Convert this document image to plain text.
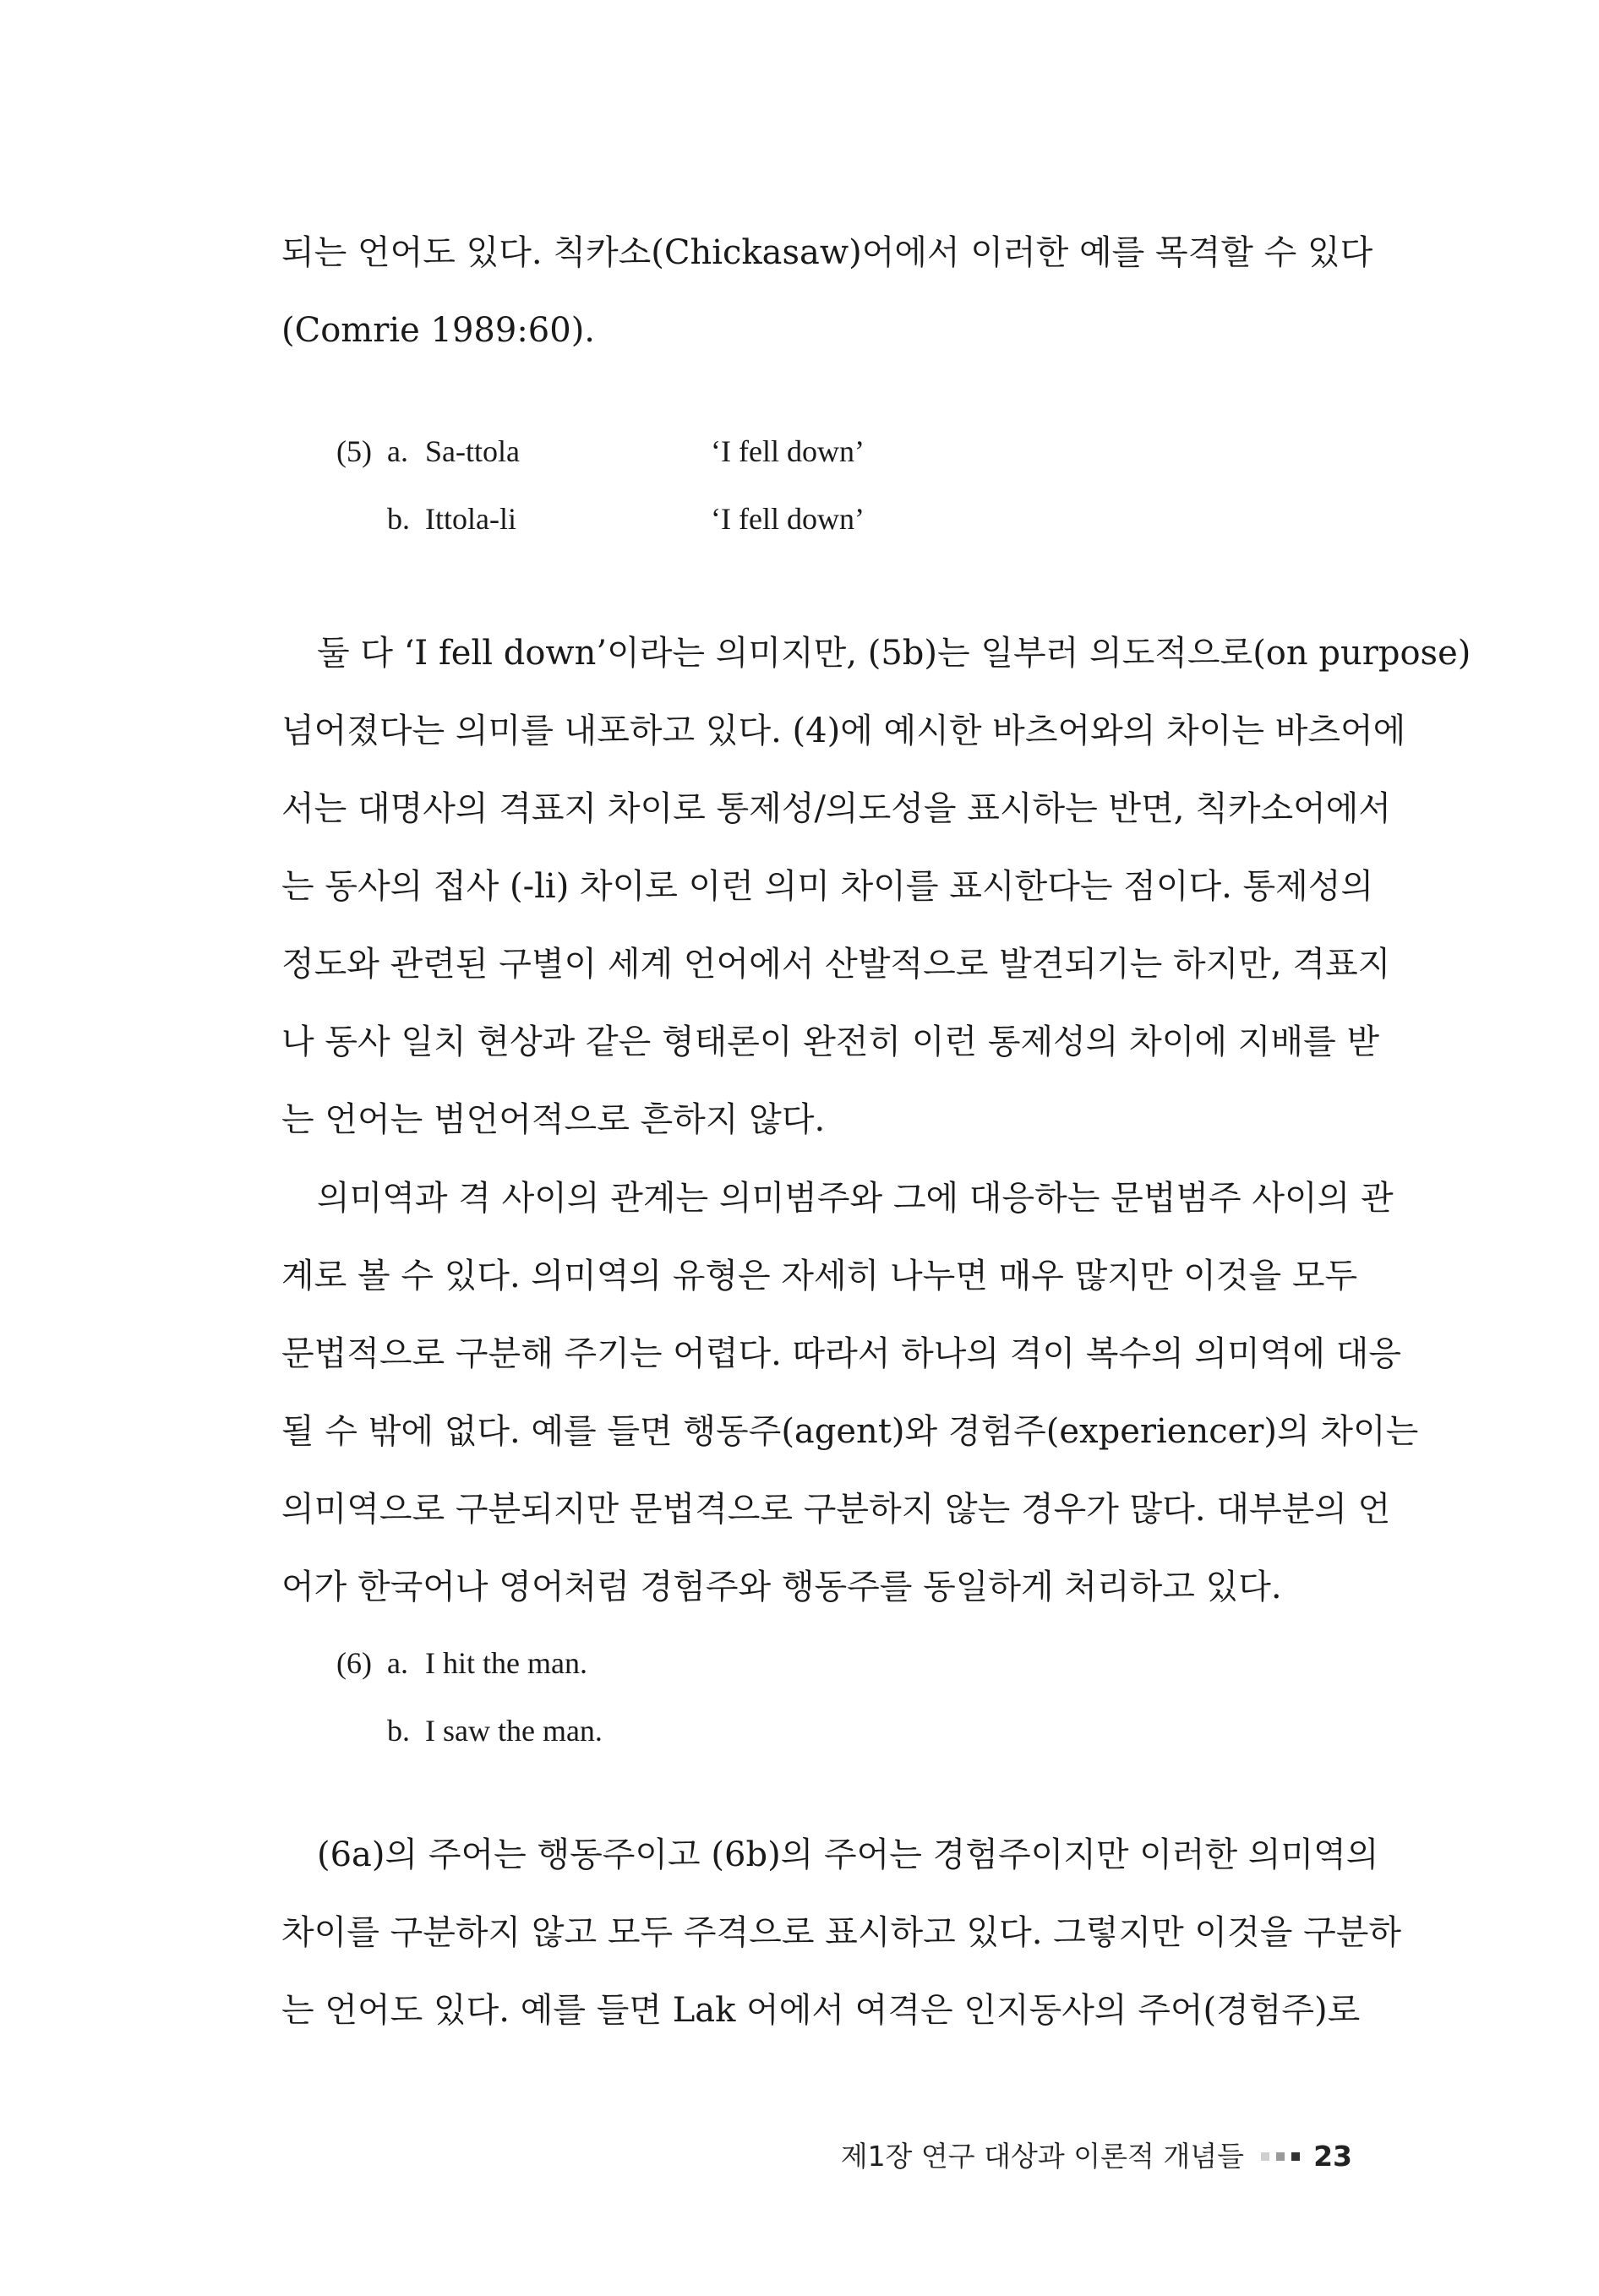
되는 언어도 있다. 칙카소(Chickasaw)어에서 이러한 예를 목격할 수 있다

(Comrie 1989:60).

(5) a. Sa-ttola	‘I fell down’
b. Ittola-li	‘I fell down’

둘 다 ‘I fell down’이라는 의미지만, (5b)는 일부러 의도적으로(on purpose)

넘어졌다는 의미를 내포하고 있다. (4)에 예시한 바츠어와의 차이는 바츠어에

서는 대명사의 격표지 차이로 통제성/의도성을 표시하는 반면, 칙카소어에서

는 동사의 접사 (-li) 차이로 이런 의미 차이를 표시한다는 점이다. 통제성의

정도와 관련된 구별이 세계 언어에서 산발적으로 발견되기는 하지만, 격표지

나 동사 일치 현상과 같은 형태론이 완전히 이런 통제성의 차이에 지배를 받

는 언어는 범언어적으로 흔하지 않다.

의미역과 격 사이의 관계는 의미범주와 그에 대응하는 문법범주 사이의 관

계로 볼 수 있다. 의미역의 유형은 자세히 나누면 매우 많지만 이것을 모두

문법적으로 구분해 주기는 어렵다. 따라서 하나의 격이 복수의 의미역에 대응

될 수 밖에 없다. 예를 들면 행동주(agent)와 경험주(experiencer)의 차이는

의미역으로 구분되지만 문법격으로 구분하지 않는 경우가 많다. 대부분의 언

어가 한국어나 영어처럼 경험주와 행동주를 동일하게 처리하고 있다.

(6) a. I hit the man.
b. I saw the man.

(6a)의 주어는 행동주이고 (6b)의 주어는 경험주이지만 이러한 의미역의

차이를 구분하지 않고 모두 주격으로 표시하고 있다. 그렇지만 이것을 구분하

는 언어도 있다. 예를 들면 Lak 어에서 여격은 인지동사의 주어(경험주)로

제1장 연구 대상과 이론적 개념들 23
